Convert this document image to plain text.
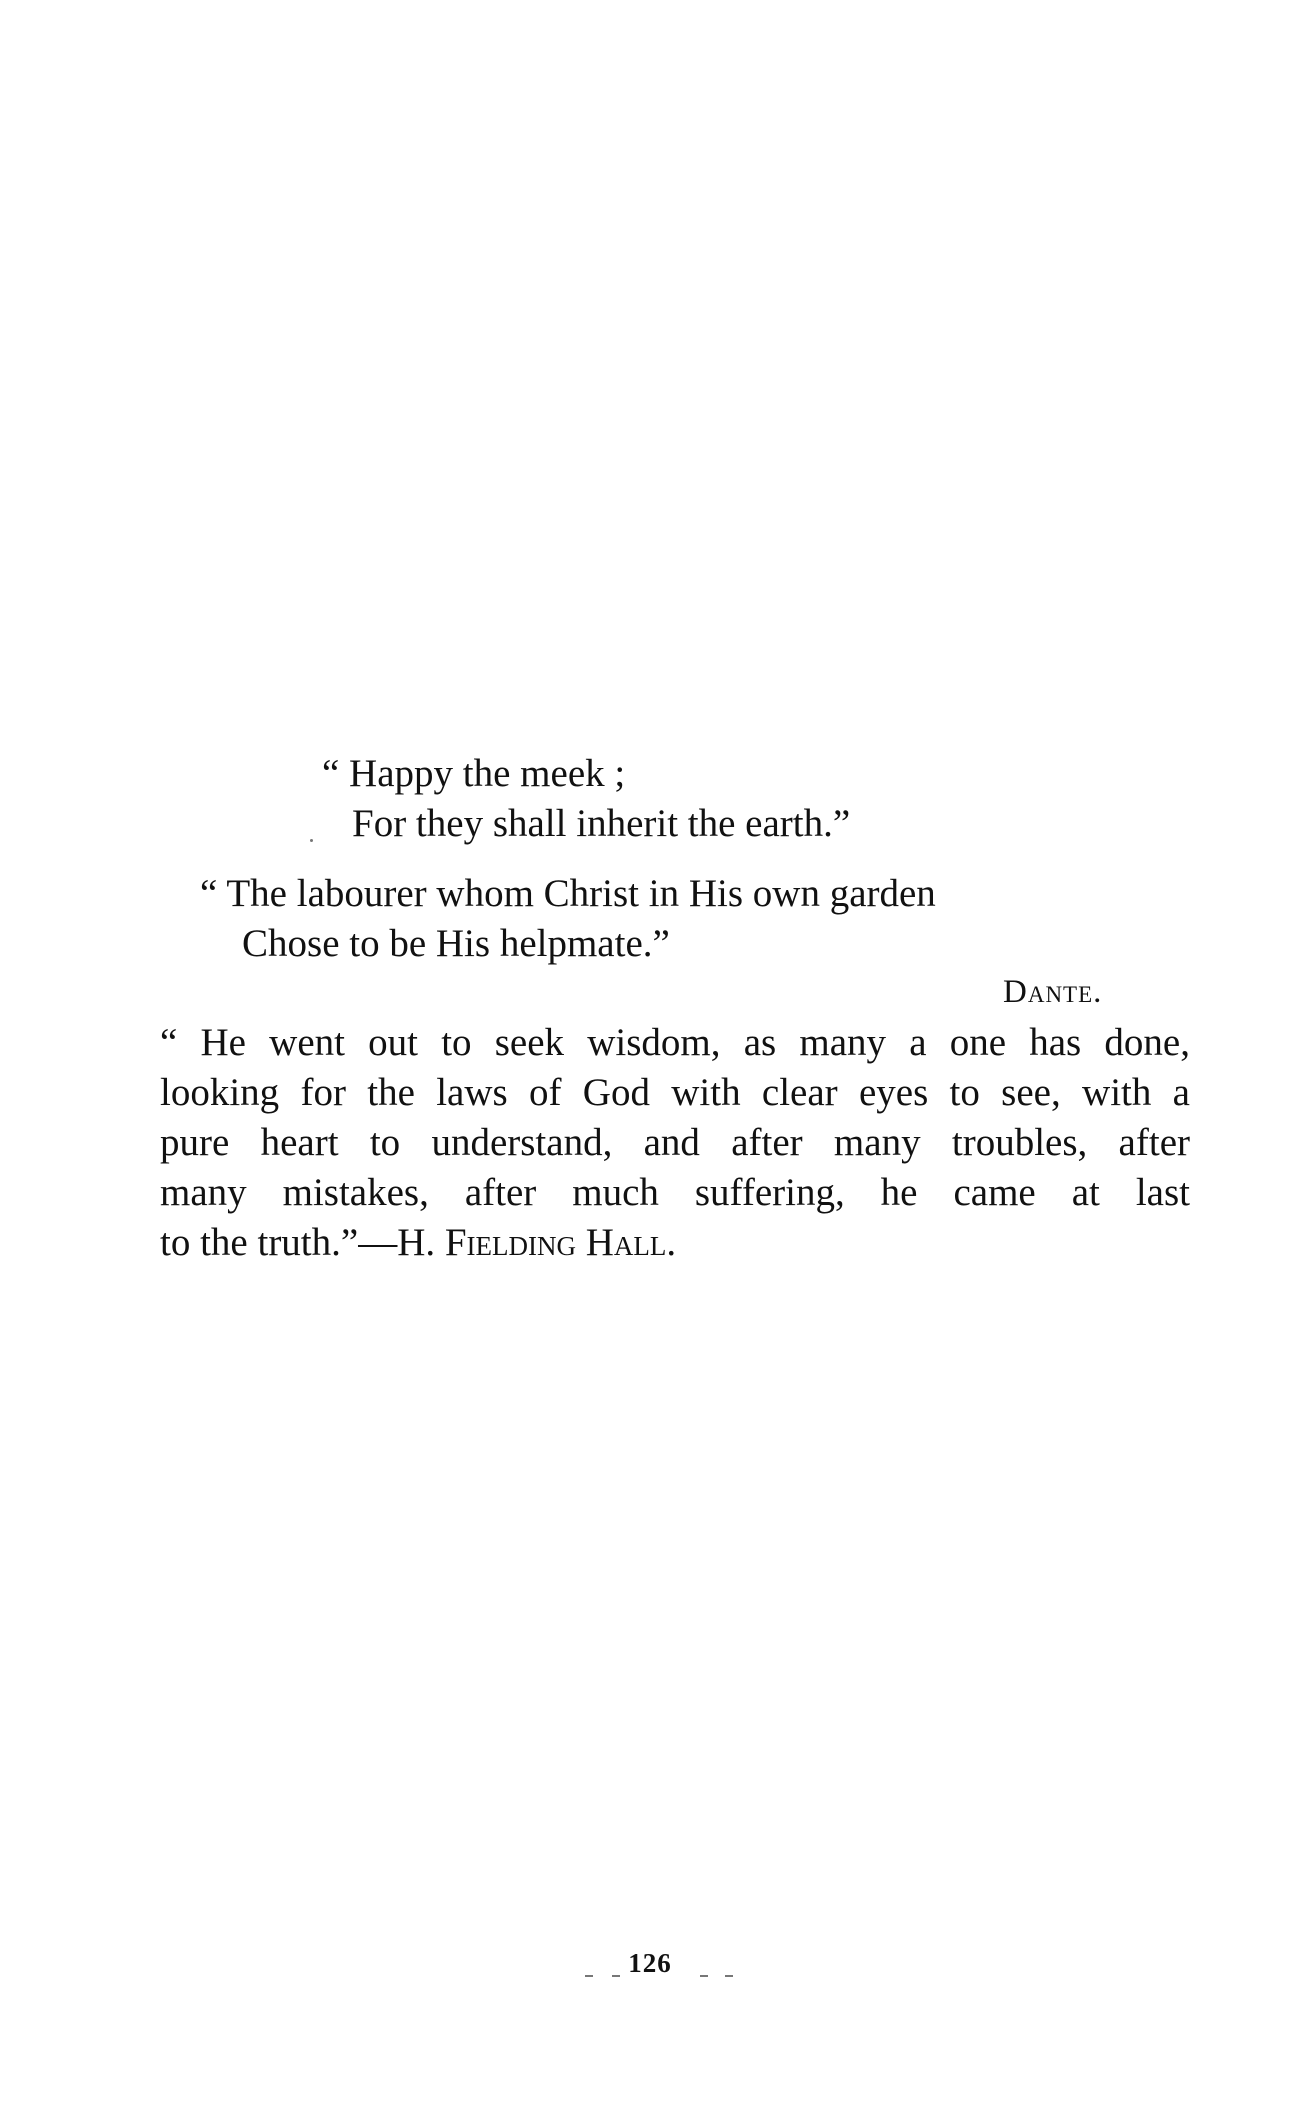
“ Happy the meek ;
For they shall inherit the earth.”
“ The labourer whom Christ in His own garden
Chose to be His helpmate.”
Dante.
“ He went out to seek wisdom, as many a one has done,
looking for the laws of God with clear eyes to see, with a
pure heart to understand, and after many troubles, after
many mistakes, after much suffering, he came at last
to the truth.”—H. Fielding Hall.
126
